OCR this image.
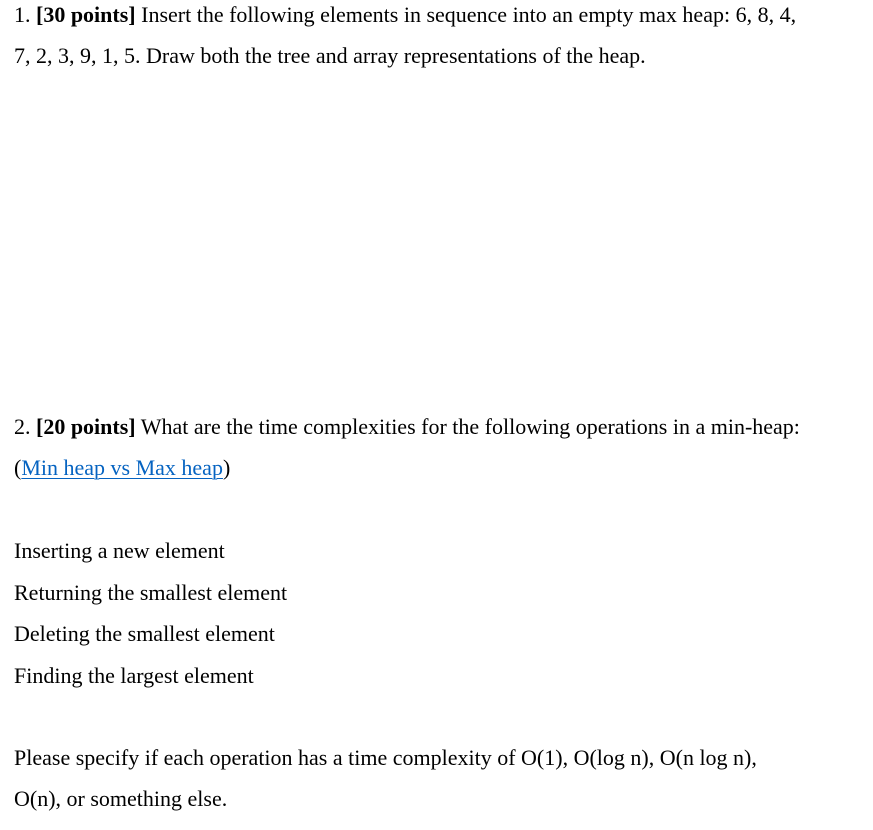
1. [30 points] Insert the following elements in sequence into an empty max heap: 6, 8, 4,

7, 2, 3, 9, 1, 5. Draw both the tree and array representations of the heap.

2. [20 points] What are the time complexities for the following operations in a min-heap:

(Min heap vs Max heap)

Inserting a new element
Returning the smallest element
Deleting the smallest element
Finding the largest element

Please specify if each operation has a time complexity of O(1), O(log n), O(n log n),

O(n), or something else.
